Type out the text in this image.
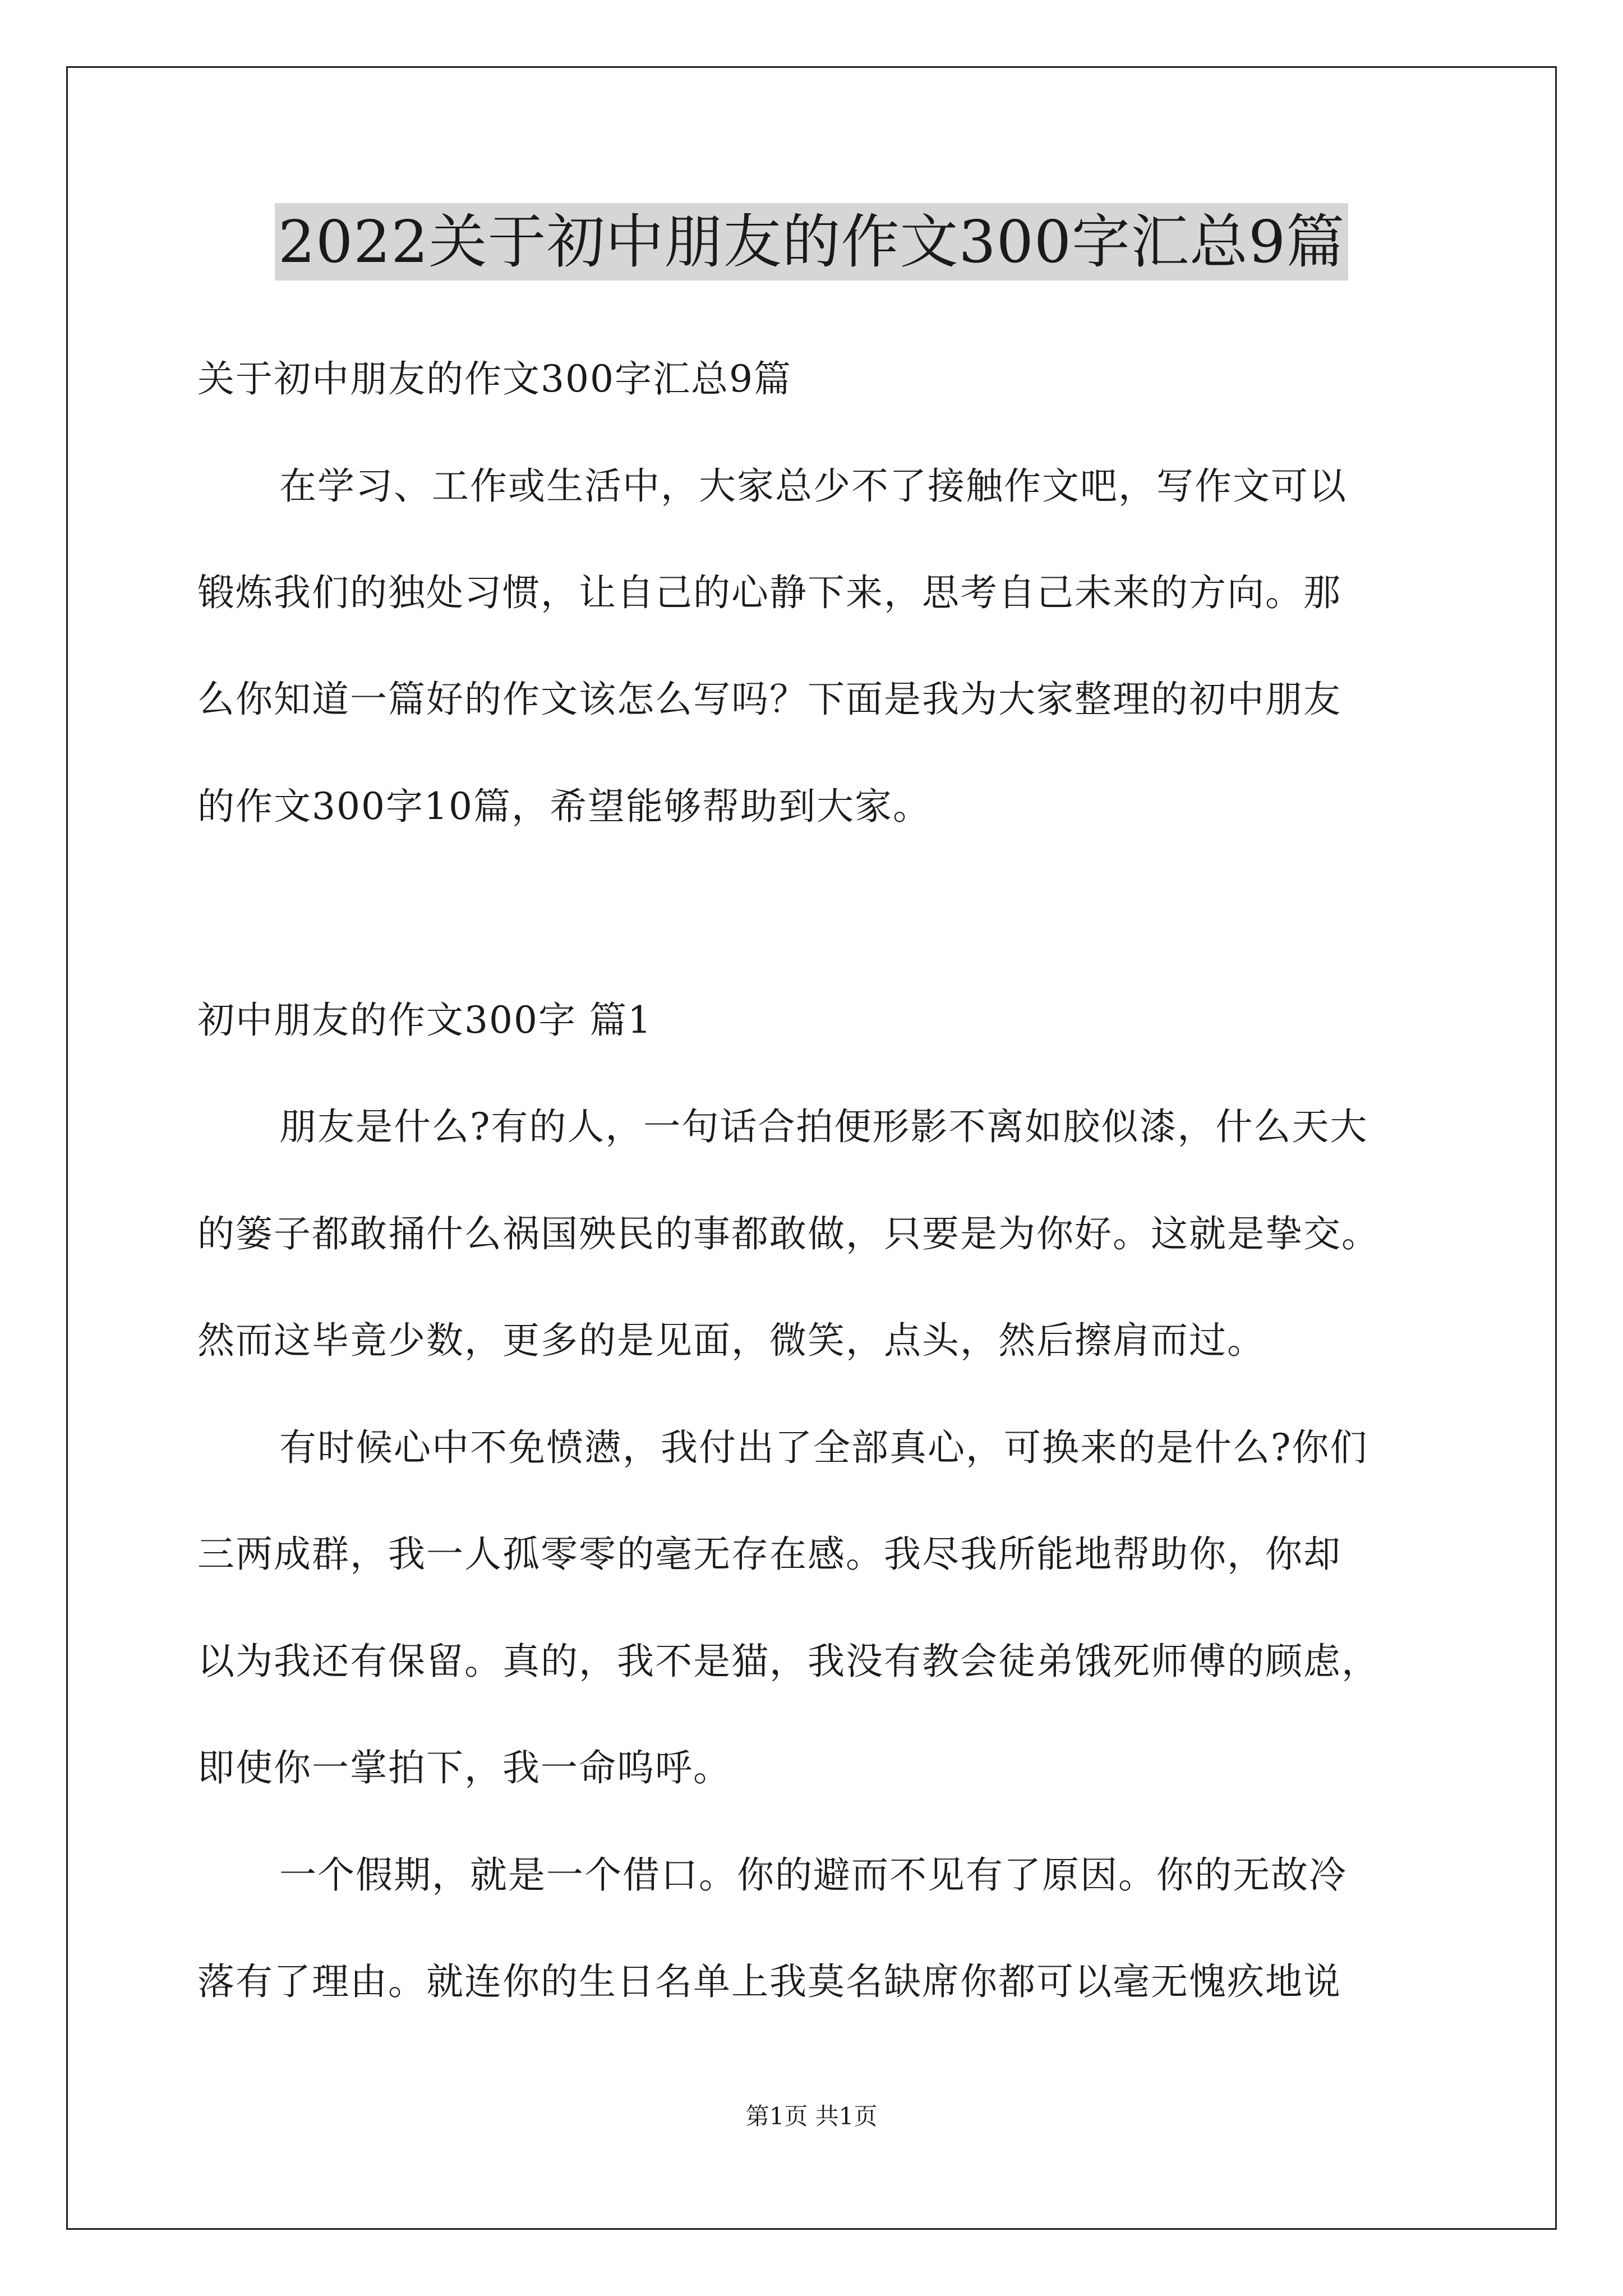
2022关于初中朋友的作文300字汇总9篇
关于初中朋友的作文300字汇总9篇
在学习、工作或生活中，大家总少不了接触作文吧，写作文可以
锻炼我们的独处习惯，让自己的心静下来，思考自己未来的方向。那
么你知道一篇好的作文该怎么写吗？下面是我为大家整理的初中朋友
的作文300字10篇，希望能够帮助到大家。
初中朋友的作文300字 篇1
朋友是什么?有的人，一句话合拍便形影不离如胶似漆，什么天大
的篓子都敢捅什么祸国殃民的事都敢做，只要是为你好。这就是挚交。
然而这毕竟少数，更多的是见面，微笑，点头，然后擦肩而过。
有时候心中不免愤懑，我付出了全部真心，可换来的是什么?你们
三两成群，我一人孤零零的毫无存在感。我尽我所能地帮助你，你却
以为我还有保留。真的，我不是猫，我没有教会徒弟饿死师傅的顾虑，
即使你一掌拍下，我一命呜呼。
一个假期，就是一个借口。你的避而不见有了原因。你的无故冷
落有了理由。就连你的生日名单上我莫名缺席你都可以毫无愧疚地说
第1页 共1页
